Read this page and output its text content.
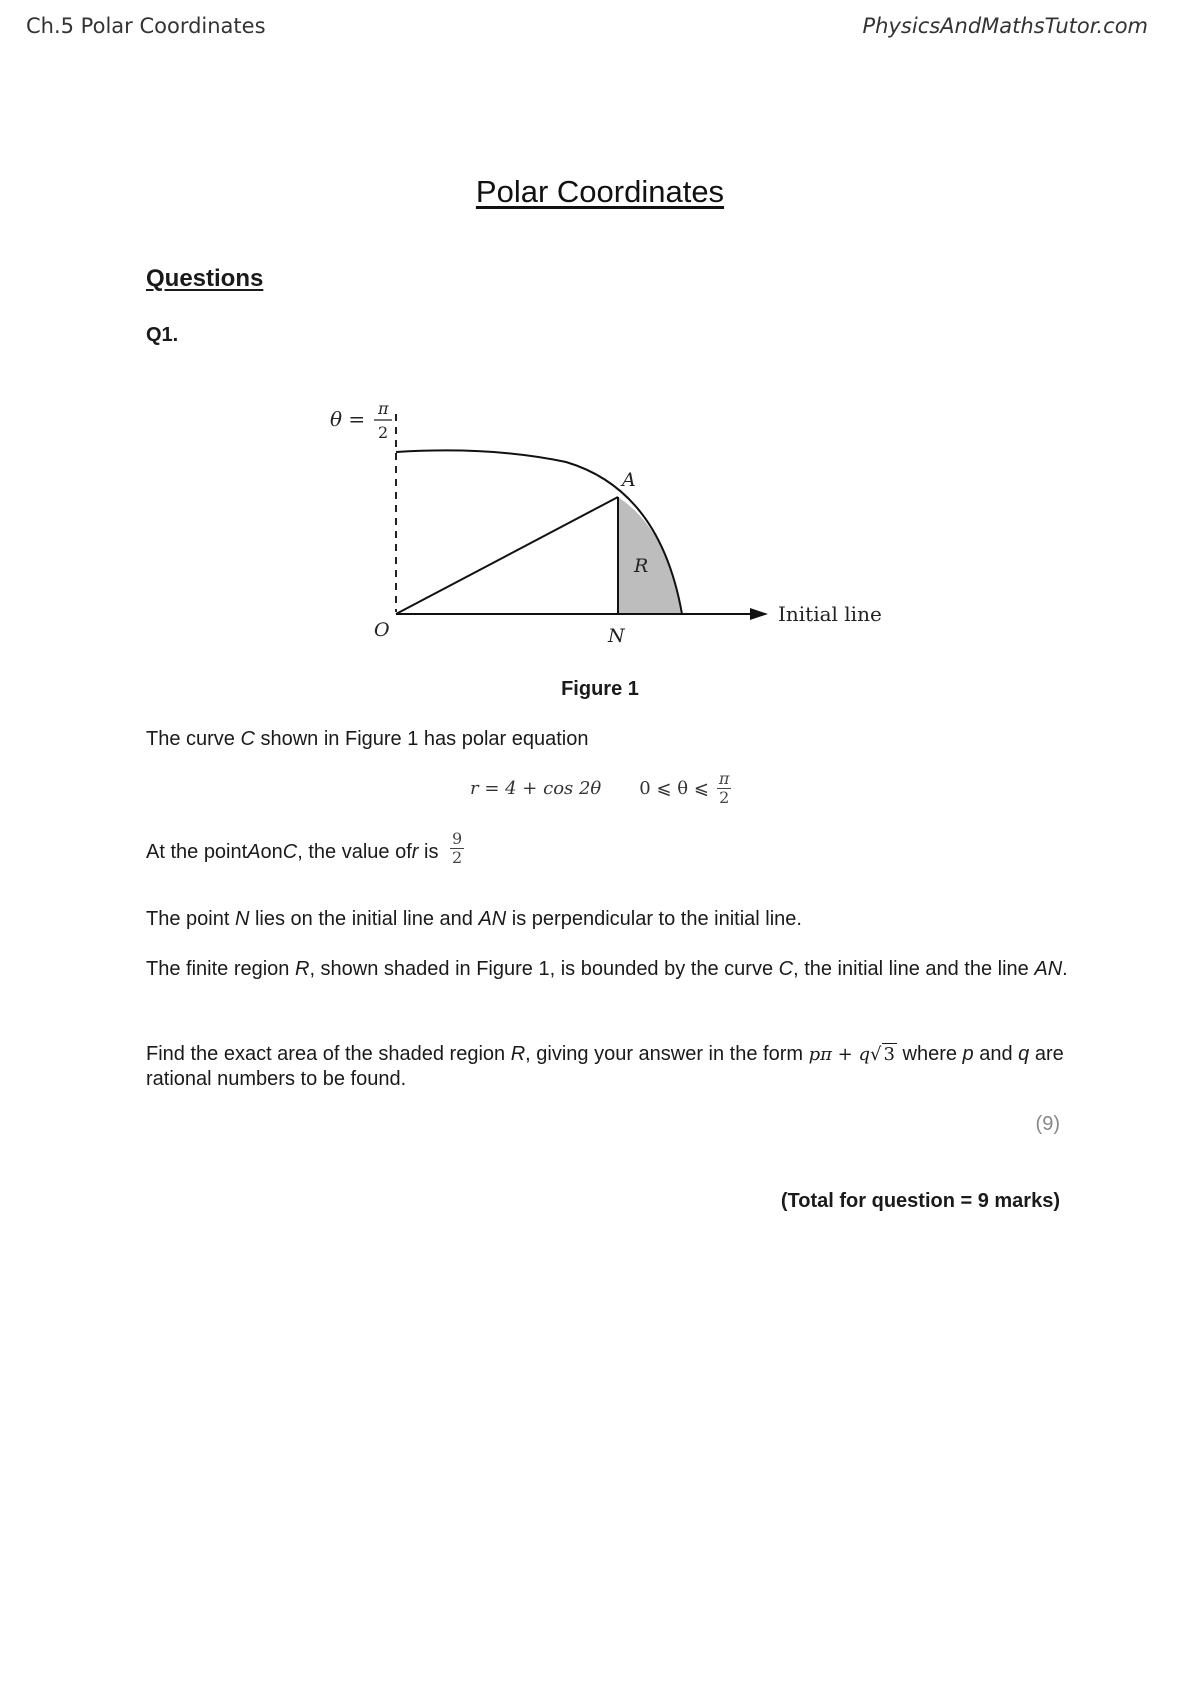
Ch.5 Polar Coordinates	PhysicsAndMathsTutor.com
Polar Coordinates
Questions
Q1.
θ = π
2
A
R
O	N
Initial line
Figure 1
The curve C shown in Figure 1 has polar equation
r = 4 + cos 2θ 0 ⩽ θ ⩽ $\frac{\pi}{2}$
At the point A on C , the value of r is $\frac{9}{2}$
The point N lies on the initial line and AN is perpendicular to the initial line.
The finite region R, shown shaded in Figure 1, is bounded by the curve C, the initial line and the line AN.
Find the exact area of the shaded region R, giving your answer in the form pπ + q√ 3 where p and q are rational numbers to be found.
(9)
(Total for question = 9 marks)
